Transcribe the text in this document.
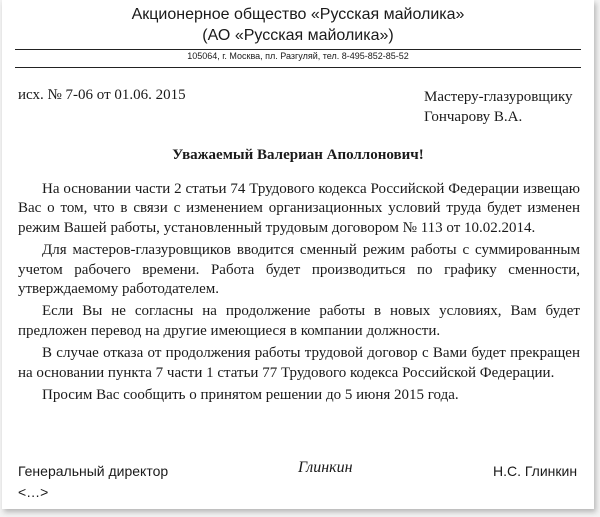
Акционерное общество «Русская майолика»
(АО «Русская майолика»)
105064, г. Москва, пл. Разгуляй, тел. 8-495-852-85-52
исх. № 7-06 от 01.06. 2015	Мастеру-глазуровщику
Гончарову В.А.
Уважаемый Валериан Аполлонович!

На основании части 2 статьи 74 Трудового кодекса Российской Федерации извещаю Вас о том, что в связи с изменением организационных условий труда будет изменен режим Вашей работы, установленный трудовым договором № 113 от 10.02.2014.

Для мастеров-глазуровщиков вводится сменный режим работы с суммированным учетом рабочего времени. Работа будет производиться по графику сменности, утверждаемому работодателем.

Если Вы не согласны на продолжение работы в новых условиях, Вам будет предложен перевод на другие имеющиеся в компании должности.

В случае отказа от продолжения работы трудовой договор с Вами будет прекращен на основании пункта 7 части 1 статьи 77 Трудового кодекса Российской Федерации.

Просим Вас сообщить о принятом решении до 5 июня 2015 года.

Генеральный директор	Глинкин	Н.С. Глинкин
<…>
